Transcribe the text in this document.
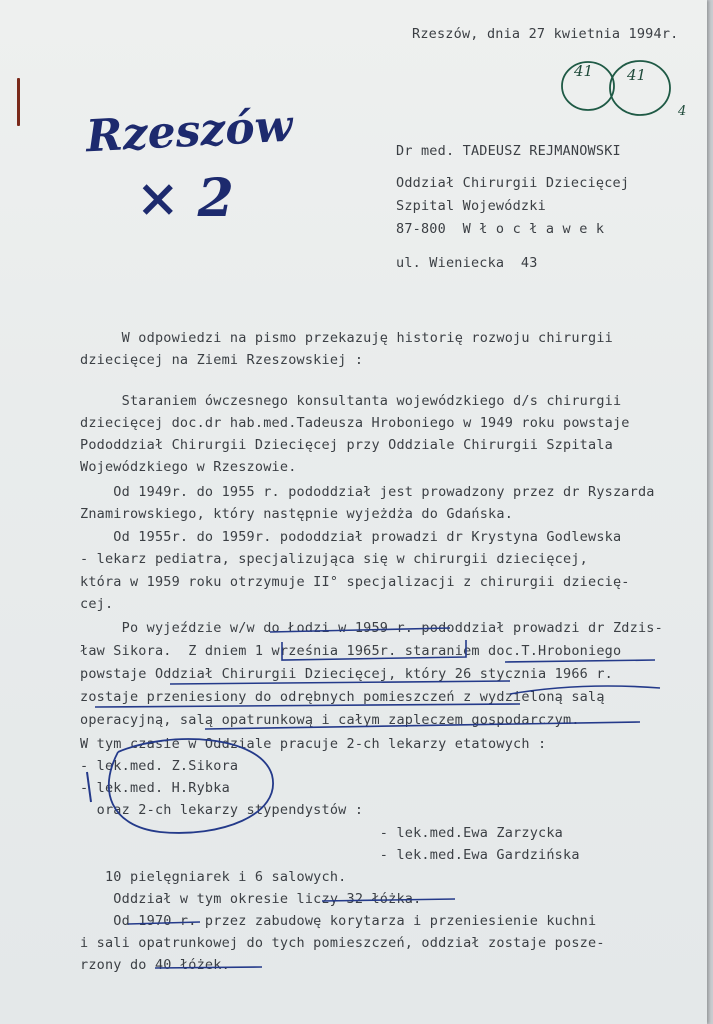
Rzeszów, dnia 27 kwietnia 1994r.
Rzeszów
× 2
41 41
4
Dr med. TADEUSZ REJMANOWSKI
Oddział Chirurgii Dziecięcej
Szpital Wojewódzki
87-800  W ł o c ł a w e k
ul. Wieniecka  43
W odpowiedzi na pismo przekazuję historię rozwoju chirurgii
dziecięcej na Ziemi Rzeszowskiej :
Staraniem ówczesnego konsultanta wojewódzkiego d/s chirurgii
dziecięcej doc.dr hab.med.Tadeusza Hroboniego w 1949 roku powstaje
Pododdział Chirurgii Dziecięcej przy Oddziale Chirurgii Szpitala
Wojewódzkiego w Rzeszowie.
Od 1949r. do 1955 r. pododdział jest prowadzony przez dr Ryszarda
Znamirowskiego, który następnie wyjeżdża do Gdańska.
Od 1955r. do 1959r. pododdział prowadzi dr Krystyna Godlewska
- lekarz pediatra, specjalizująca się w chirurgii dziecięcej,
która w 1959 roku otrzymuje II° specjalizacji z chirurgii dziecię-
cej.
Po wyjeździe w/w do Łodzi w 1959 r. pododdział prowadzi dr Zdzis-
ław Sikora.  Z dniem 1 września 1965r. staraniem doc.T.Hroboniego
powstaje Oddział Chirurgii Dziecięcej, który 26 stycznia 1966 r.
zostaje przeniesiony do odrębnych pomieszczeń z wydzieloną salą
operacyjną, salą opatrunkową i całym zapleczem gospodarczym.
W tym czasie w Oddziale pracuje 2-ch lekarzy etatowych :
- lek.med. Z.Sikora
- lek.med. H.Rybka
oraz 2-ch lekarzy stypendystów :
- lek.med.Ewa Zarzycka
- lek.med.Ewa Gardzińska
10 pielęgniarek i 6 salowych.
Oddział w tym okresie liczy 32 łóżka.
Od 1970 r. przez zabudowę korytarza i przeniesienie kuchni
i sali opatrunkowej do tych pomieszczeń, oddział zostaje posze-
rzony do 40 łóżek.
